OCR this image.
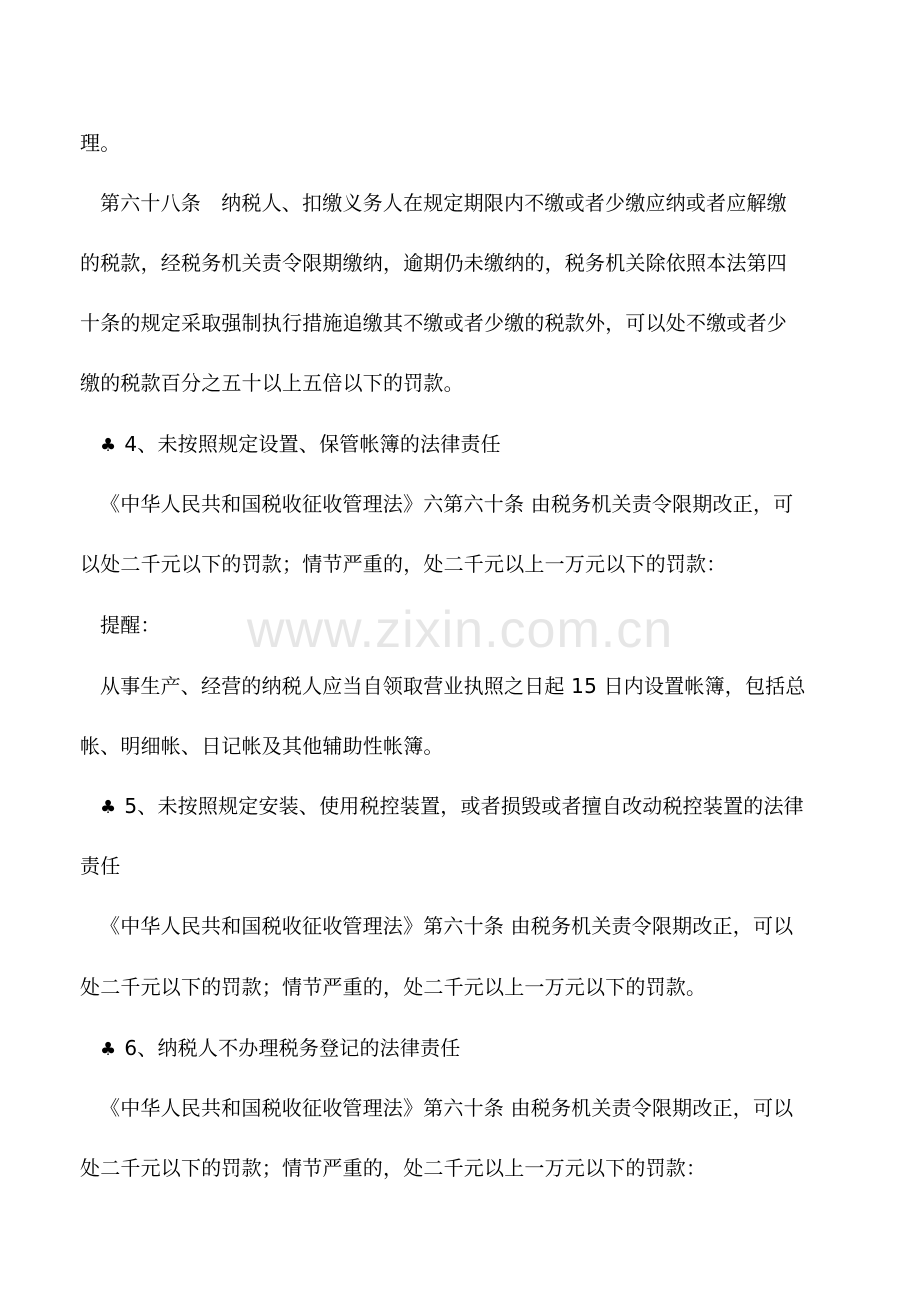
www.zixin.com.cn
理。
第六十八条　纳税人、扣缴义务人在规定期限内不缴或者少缴应纳或者应解缴
的税款，经税务机关责令限期缴纳，逾期仍未缴纳的，税务机关除依照本法第四
十条的规定采取强制执行措施追缴其不缴或者少缴的税款外，可以处不缴或者少
缴的税款百分之五十以上五倍以下的罚款。
♣ 4、未按照规定设置、保管帐簿的法律责任
《中华人民共和国税收征收管理法》六第六十条 由税务机关责令限期改正，可
以处二千元以下的罚款；情节严重的，处二千元以上一万元以下的罚款：
提醒：
从事生产、经营的纳税人应当自领取营业执照之日起 15 日内设置帐簿，包括总
帐、明细帐、日记帐及其他辅助性帐簿。
♣ 5、未按照规定安装、使用税控装置，或者损毁或者擅自改动税控装置的法律
责任
《中华人民共和国税收征收管理法》第六十条 由税务机关责令限期改正，可以
处二千元以下的罚款；情节严重的，处二千元以上一万元以下的罚款。
♣ 6、纳税人不办理税务登记的法律责任
《中华人民共和国税收征收管理法》第六十条 由税务机关责令限期改正，可以
处二千元以下的罚款；情节严重的，处二千元以上一万元以下的罚款：
